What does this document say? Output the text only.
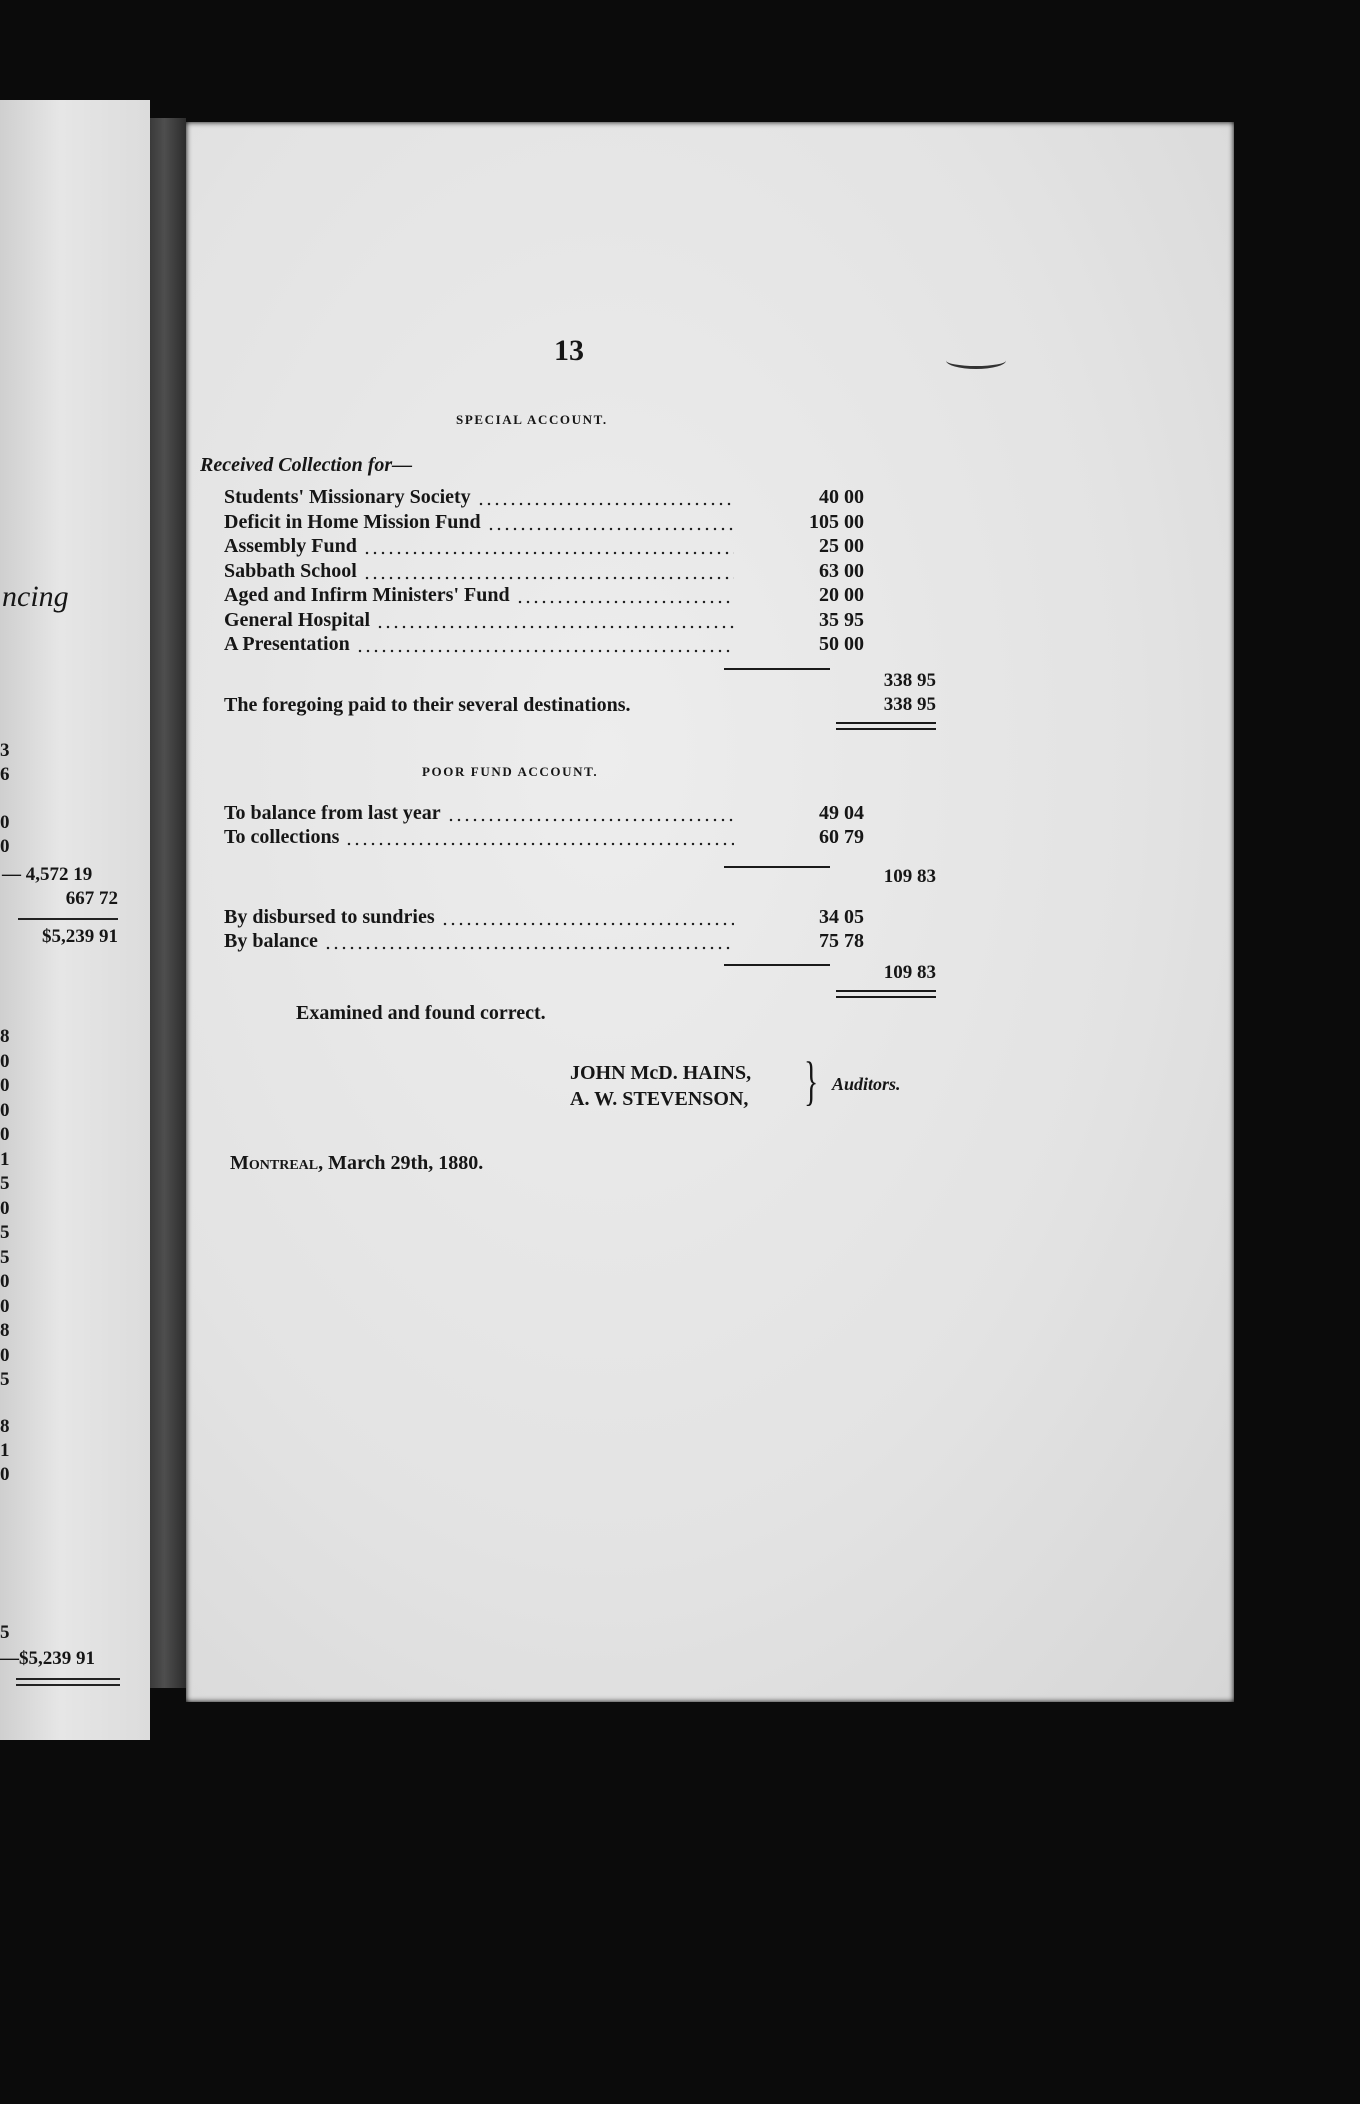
ncing
3
6
0
0
— 4,572 19
667 72
$5,239 91
8
0
0
0
0
1
5
0
5
5
0
0
8
0
5
8
1
0
5
—$5,239 91
13
SPECIAL ACCOUNT.
Received Collection for—
Students' Missionary Society	40 00
Deficit in Home Mission Fund	105 00
Assembly Fund	25 00
Sabbath School	63 00
Aged and Infirm Ministers' Fund	20 00
General Hospital	35 95
A Presentation	50 00
338 95
The foregoing paid to their several destinations.	338 95
POOR FUND ACCOUNT.
To balance from last year	49 04
To collections	60 79
109 83
By disbursed to sundries	34 05
By balance	75 78
109 83
Examined and found correct.
JOHN McD. HAINS,
A. W. STEVENSON, } Auditors.
Montreal, March 29th, 1880.
